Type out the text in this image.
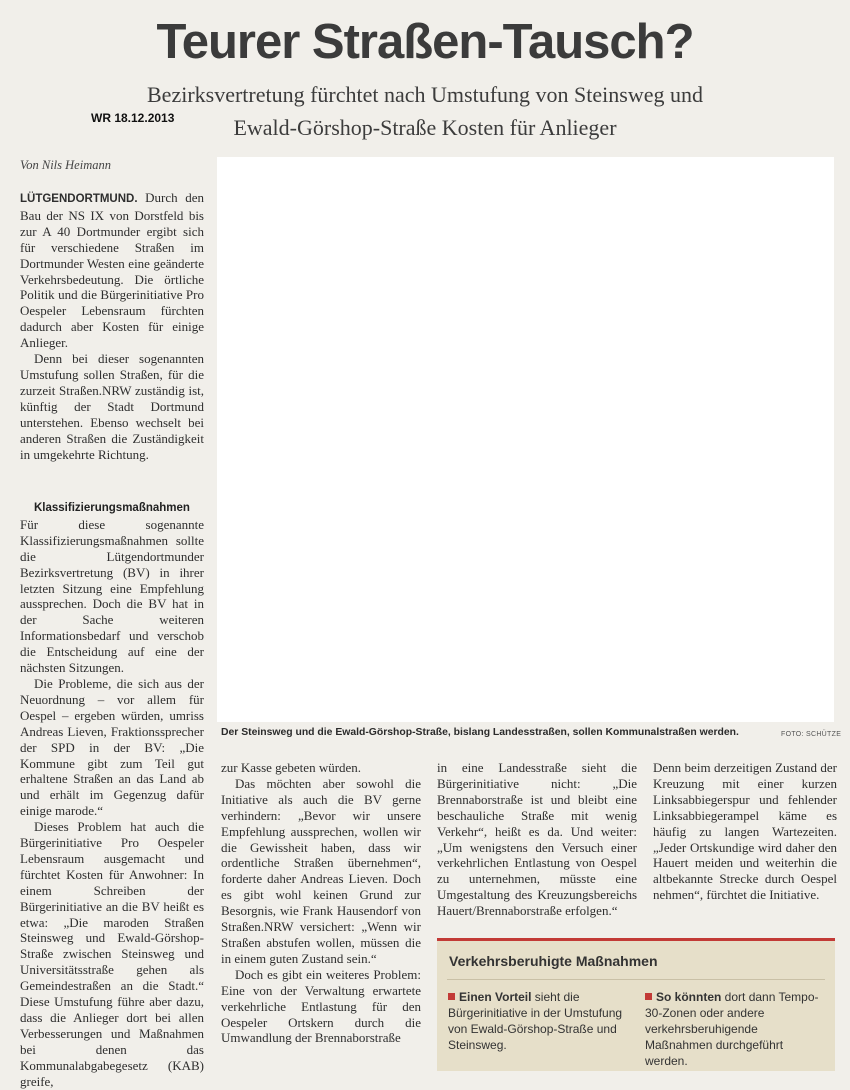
Teurer Straßen-Tausch?
Bezirksvertretung fürchtet nach Umstufung von Steinsweg und
Ewald-Görshop-Straße Kosten für Anlieger
WR 18.12.2013
Von Nils Heimann
Der Steinsweg und die Ewald-Görshop-Straße, bislang Landesstraßen, sollen Kommunalstraßen werden.	FOTO: SCHÜTZE

LÜTGENDORTMUND. Durch den Bau der NS IX von Dorstfeld bis zur A 40 Dortmunder ergibt sich für verschiedene Straßen im Dortmunder Westen eine geänderte Verkehrsbedeutung. Die örtliche Politik und die Bürgerinitiative Pro Oespeler Lebensraum fürchten dadurch aber Kosten für einige Anlieger.

Denn bei dieser sogenannten Umstufung sollen Straßen, für die zurzeit Straßen.NRW zuständig ist, künftig der Stadt Dortmund unterstehen. Ebenso wechselt bei anderen Straßen die Zuständigkeit in umgekehrte Richtung.

Klassifizierungsmaßnahmen

Für diese sogenannte Klassifizierungsmaßnahmen sollte die Lütgendortmunder Bezirksvertretung (BV) in ihrer letzten Sitzung eine Empfehlung aussprechen. Doch die BV hat in der Sache weiteren Informationsbedarf und verschob die Entscheidung auf eine der nächsten Sitzungen.

Die Probleme, die sich aus der Neuordnung – vor allem für Oespel – ergeben würden, umriss Andreas Lieven, Fraktionssprecher der SPD in der BV: „Die Kommune gibt zum Teil gut erhaltene Straßen an das Land ab und erhält im Gegenzug dafür einige marode.“

Dieses Problem hat auch die Bürgerinitiative Pro Oespeler Lebensraum ausgemacht und fürchtet Kosten für Anwohner: In einem Schreiben der Bürgerinitiative an die BV heißt es etwa: „Die maroden Straßen Steinsweg und Ewald-Görshop-Straße zwischen Steinsweg und Universitätsstraße gehen als Gemeindestraßen an die Stadt.“ Diese Umstufung führe aber dazu, dass die Anlieger dort bei allen Verbesserungen und Maßnahmen bei denen das Kommunalabgabegesetz (KAB) greife,

zur Kasse gebeten würden.

Das möchten aber sowohl die Initiative als auch die BV gerne verhindern: „Bevor wir unsere Empfehlung aussprechen, wollen wir die Gewissheit haben, dass wir ordentliche Straßen übernehmen“, forderte daher Andreas Lieven. Doch es gibt wohl keinen Grund zur Besorgnis, wie Frank Hausendorf von Straßen.NRW versichert: „Wenn wir Straßen abstufen wollen, müssen die in einem guten Zustand sein.“

Doch es gibt ein weiteres Problem: Eine von der Verwaltung erwartete verkehrliche Entlastung für den Oespeler Ortskern durch die Umwandlung der Brennaborstraße

in eine Landesstraße sieht die Bürgerinitiative nicht: „Die Brennaborstraße ist und bleibt eine beschauliche Straße mit wenig Verkehr“, heißt es da. Und weiter: „Um wenigstens den Versuch einer verkehrlichen Entlastung von Oespel zu unternehmen, müsste eine Umgestaltung des Kreuzungsbereichs Hauert/Brennaborstraße erfolgen.“

Denn beim derzeitigen Zustand der Kreuzung mit einer kurzen Linksabbiegerspur und fehlender Linksabbiegerampel käme es häufig zu langen Wartezeiten. „Jeder Ortskundige wird daher den Hauert meiden und weiterhin die altbekannte Strecke durch Oespel nehmen“, fürchtet die Initiative.

Verkehrsberuhigte Maßnahmen
Einen Vorteil sieht die Bürgerinitiative in der Umstufung von Ewald-Görshop-Straße und Steinsweg.
So könnten dort dann Tempo-30-Zonen oder andere verkehrsberuhigende Maßnahmen durchgeführt werden.
